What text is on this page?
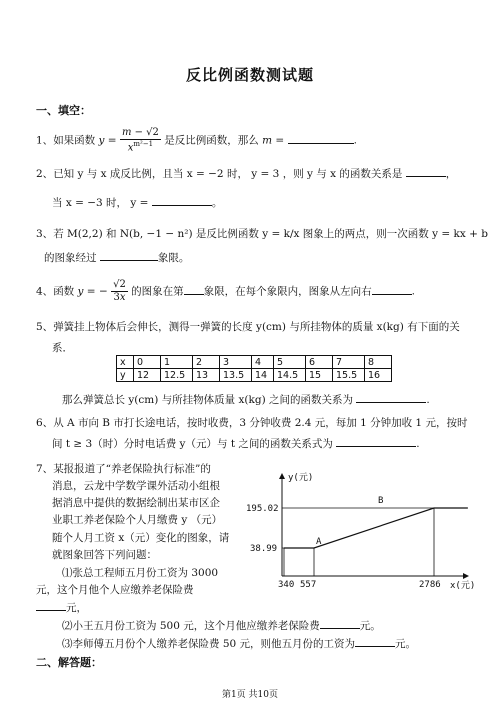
反比例函数测试题
一、填空：
1、如果函数 $y = \frac{m - √2}{x^{m^2-1}}$ 是反比例函数，那么 m =	.
2、已知 y 与 x 成反比例，且当 x = −2 时， y = 3 ，则 y 与 x 的函数关系是	，
当 x = −3 时， y =	。
3、若 M(2,2) 和 N(b, −1 − n²) 是反比例函数 y = k/x 图象上的两点，则一次函数 y = kx + b
的图象经过	象限。
4、函数 y = − $\frac{√2}{3x}$ 的图象在第 象限，在每个象限内，图象从左向右	.
5、弹簧挂上物体后会伸长，测得一弹簧的长度 y(cm) 与所挂物体的质量 x(kg) 有下面的关
系．
x	0	1	2	3	4	5	6	7	8
y	12	12.5	13	13.5	14	14.5	15	15.5	16
那么弹簧总长 y(cm) 与所挂物体质量 x(kg) 之间的函数关系为	.
6、从 A 市向 B 市打长途电话，按时收费，3 分钟收费 2.4 元，每加 1 分钟加收 1 元，按时
间 t ≥ 3（时）分时电话费 y（元）与 t 之间的函数关系式为	.
7、某报报道了“养老保险执行标准”的
消息，云龙中学数学课外活动小组根
据消息中提供的数据绘制出某市区企
业职工养老保险个人月缴费 y （元）
随个人月工资 x（元）变化的图象，请
就图象回答下列问题：
⑴张总工程师五月份工资为 3000
元，这个月他个人应缴养老保险费
元，
⑵小王五月份工资为 500 元，这个月他应缴养老保险费	元。
⑶李师傅五月份个人缴养老保险费 50 元，则他五月份的工资为	元。
y(元)
195.02
38.99
340 557	2786 x(元)
A
B
二、解答题：
第1页 共10页
